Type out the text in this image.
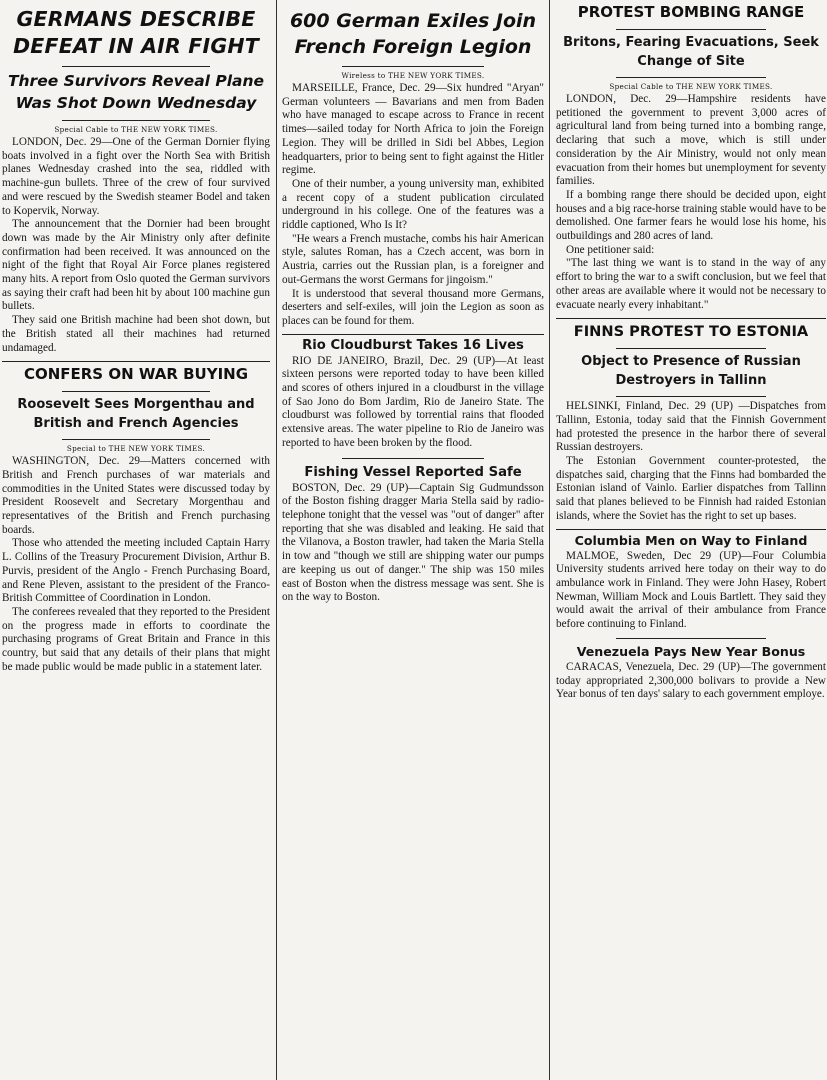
GERMANS DESCRIBE DEFEAT IN AIR FIGHT
Three Survivors Reveal Plane Was Shot Down Wednesday
Special Cable to THE NEW YORK TIMES.

LONDON, Dec. 29—One of the German Dornier flying boats involved in a fight over the North Sea with British planes Wednesday crashed into the sea, riddled with machine-gun bullets. Three of the crew of four survived and were rescued by the Swedish steamer Bodel and taken to Kopervik, Norway.

The announcement that the Dornier had been brought down was made by the Air Ministry only after definite confirmation had been received. It was announced on the night of the fight that Royal Air Force planes registered many hits. A report from Oslo quoted the German survivors as saying their craft had been hit by about 100 machine gun bullets.

They said one British machine had been shot down, but the British stated all their machines had returned undamaged.

CONFERS ON WAR BUYING
Roosevelt Sees Morgenthau and British and French Agencies
Special to THE NEW YORK TIMES.

WASHINGTON, Dec. 29—Matters concerned with British and French purchases of war materials and commodities in the United States were discussed today by President Roosevelt and Secretary Morgenthau and representatives of the British and French purchasing boards.

Those who attended the meeting included Captain Harry L. Collins of the Treasury Procurement Division, Arthur B. Purvis, president of the Anglo - French Purchasing Board, and Rene Pleven, assistant to the president of the Franco-British Committee of Coordination in London.

The conferees revealed that they reported to the President on the progress made in efforts to coordinate the purchasing programs of Great Britain and France in this country, but said that any details of their plans that might be made public would be made public in a statement later.

600 German Exiles Join French Foreign Legion
Wireless to THE NEW YORK TIMES.

MARSEILLE, France, Dec. 29—Six hundred "Aryan" German volunteers — Bavarians and men from Baden who have managed to escape across to France in recent times—sailed today for North Africa to join the Foreign Legion. They will be drilled in Sidi bel Abbes, Legion headquarters, prior to being sent to fight against the Hitler regime.

One of their number, a young university man, exhibited a recent copy of a student publication circulated underground in his college. One of the features was a riddle captioned, Who Is It?

"He wears a French mustache, combs his hair American style, salutes Roman, has a Czech accent, was born in Austria, carries out the Russian plan, is a foreigner and out-Germans the worst Germans for jingoism."

It is understood that several thousand more Germans, deserters and self-exiles, will join the Legion as soon as places can be found for them.

Rio Cloudburst Takes 16 Lives

RIO DE JANEIRO, Brazil, Dec. 29 (UP)—At least sixteen persons were reported today to have been killed and scores of others injured in a cloudburst in the village of Sao Jono do Bom Jardim, Rio de Janeiro State. The cloudburst was followed by torrential rains that flooded extensive areas. The water pipeline to Rio de Janeiro was reported to have been broken by the flood.

Fishing Vessel Reported Safe

BOSTON, Dec. 29 (UP)—Captain Sig Gudmundsson of the Boston fishing dragger Maria Stella said by radio-telephone tonight that the vessel was "out of danger" after reporting that she was disabled and leaking. He said that the Vilanova, a Boston trawler, had taken the Maria Stella in tow and "though we still are shipping water our pumps are keeping us out of danger." The ship was 150 miles east of Boston when the distress message was sent. She is on the way to Boston.

PROTEST BOMBING RANGE
Britons, Fearing Evacuations, Seek Change of Site
Special Cable to THE NEW YORK TIMES.

LONDON, Dec. 29—Hampshire residents have petitioned the government to prevent 3,000 acres of agricultural land from being turned into a bombing range, declaring that such a move, which is still under consideration by the Air Ministry, would not only mean evacuation from their homes but unemployment for seventy families.

If a bombing range there should be decided upon, eight houses and a big race-horse training stable would have to be demolished. One farmer fears he would lose his home, his outbuildings and 280 acres of land.

One petitioner said:

"The last thing we want is to stand in the way of any effort to bring the war to a swift conclusion, but we feel that other areas are available where it would not be necessary to evacuate nearly every inhabitant."

FINNS PROTEST TO ESTONIA
Object to Presence of Russian Destroyers in Tallinn

HELSINKI, Finland, Dec. 29 (UP) —Dispatches from Tallinn, Estonia, today said that the Finnish Government had protested the presence in the harbor there of several Russian destroyers.

The Estonian Government counter-protested, the dispatches said, charging that the Finns had bombarded the Estonian island of Vainlo. Earlier dispatches from Tallinn said that planes believed to be Finnish had raided Estonian islands, where the Soviet has the right to set up bases.

Columbia Men on Way to Finland

MALMOE, Sweden, Dec 29 (UP)—Four Columbia University students arrived here today on their way to do ambulance work in Finland. They were John Hasey, Robert Newman, William Mock and Louis Bartlett. They said they would await the arrival of their ambulance from France before continuing to Finland.

Venezuela Pays New Year Bonus

CARACAS, Venezuela, Dec. 29 (UP)—The government today appropriated 2,300,000 bolivars to provide a New Year bonus of ten days' salary to each government employe.
